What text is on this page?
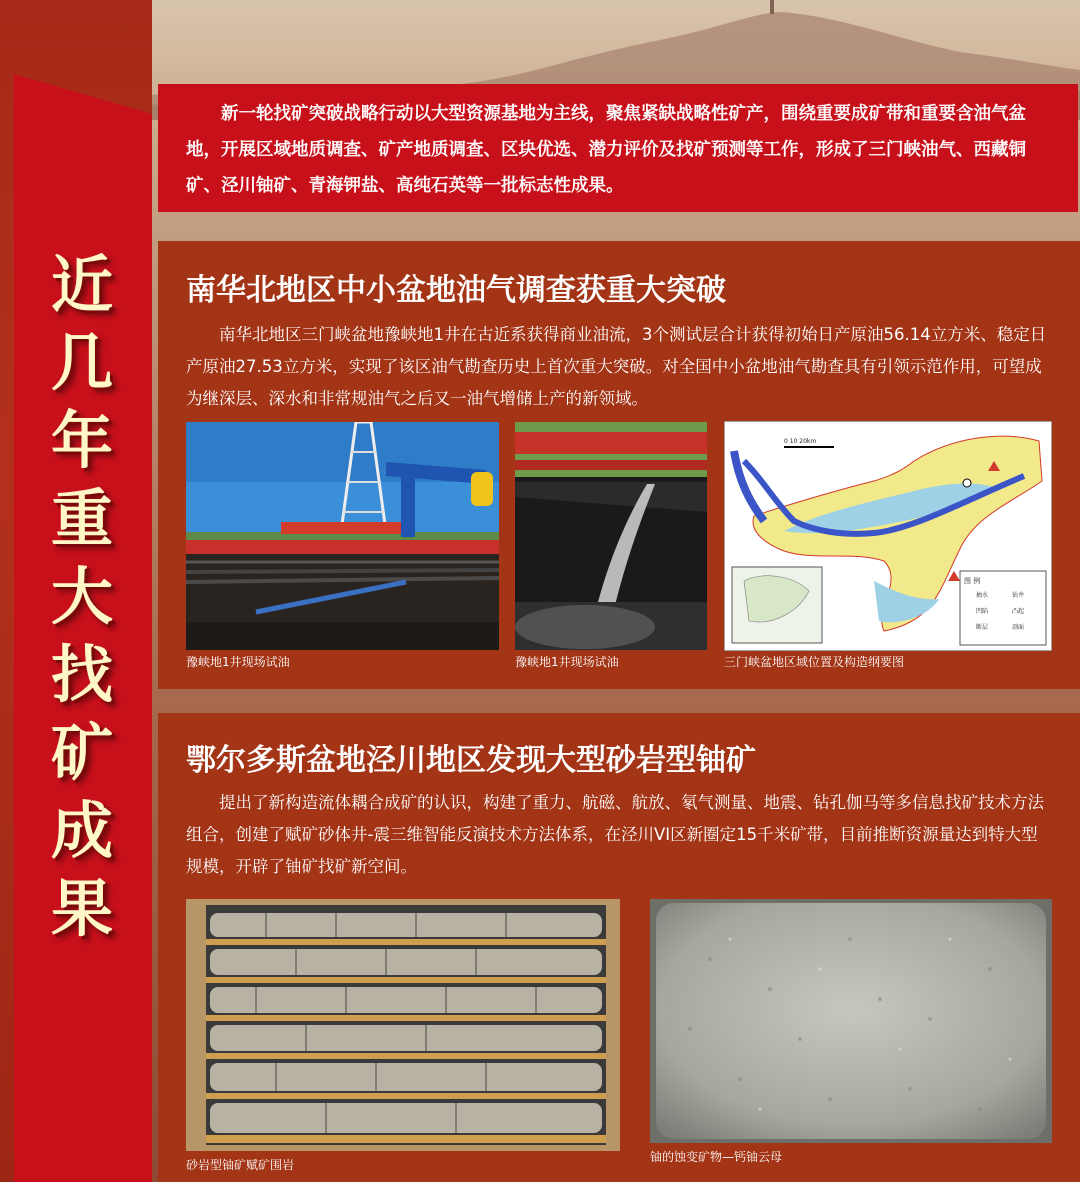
近
几
年
重
大
找
矿
成
果

新一轮找矿突破战略行动以大型资源基地为主线，聚焦紧缺战略性矿产，围绕重要成矿带和重要含油气盆地，开展区域地质调查、矿产地质调查、区块优选、潜力评价及找矿预测等工作，形成了三门峡油气、西藏铜矿、泾川铀矿、青海钾盐、高纯石英等一批标志性成果。

南华北地区中小盆地油气调查获重大突破

南华北地区三门峡盆地豫峡地1井在古近系获得商业油流，3个测试层合计获得初始日产原油56.14立方米、稳定日产原油27.53立方米，实现了该区油气勘查历史上首次重大突破。对全国中小盆地油气勘查具有引领示范作用，可望成为继深层、深水和非常规油气之后又一油气增储上产的新领域。

豫峡地1井现场试油	豫峡地1井现场试油
图 例
抽水	钻井
凹陷	凸起
断层	剖面
0 10 20km
三门峡盆地区域位置及构造纲要图
鄂尔多斯盆地泾川地区发现大型砂岩型铀矿

提出了新构造流体耦合成矿的认识，构建了重力、航磁、航放、氡气测量、地震、钻孔伽马等多信息找矿技术方法组合，创建了赋矿砂体井-震三维智能反演技术方法体系，在泾川VI区新圈定15千米矿带，目前推断资源量达到特大型规模，开辟了铀矿找矿新空间。

砂岩型铀矿赋矿围岩
铀的蚀变矿物—钙铀云母
